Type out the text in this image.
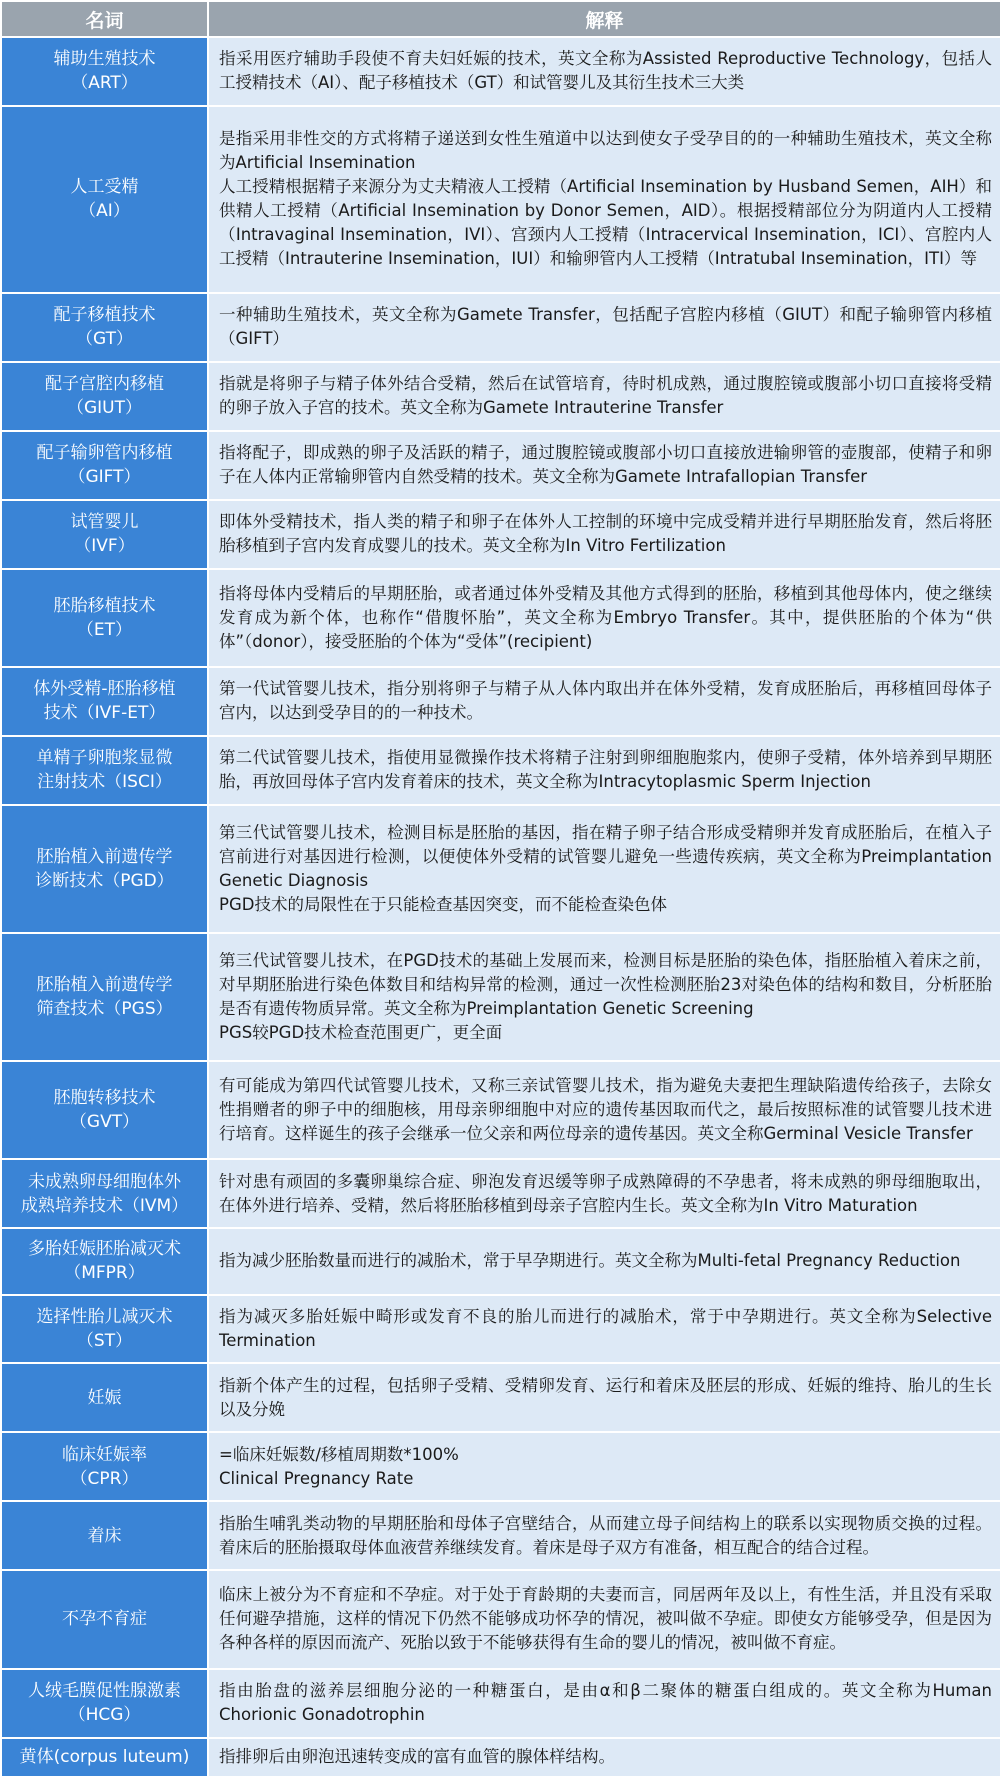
名词	解释

辅助生殖技术
（ART）	指采用医疗辅助手段使不育夫妇妊娠的技术，英文全称为Assisted Reproductive Technology，包括人工授精技术（AI）、配子移植技术（GT）和试管婴儿及其衍生技术三大类

人工受精
（AI）	是指采用非性交的方式将精子递送到女性生殖道中以达到使女子受孕目的的一种辅助生殖技术，英文全称为Artificial Insemination
人工授精根据精子来源分为丈夫精液人工授精（Artificial Insemination by Husband Semen，AIH）和供精人工授精（Artificial Insemination by Donor Semen，AID）。根据授精部位分为阴道内人工授精（Intravaginal Insemination，IVI）、宫颈内人工授精（Intracervical Insemination，ICI）、宫腔内人工授精（Intrauterine Insemination，IUI）和输卵管内人工授精（Intratubal Insemination，ITI）等

配子移植技术
（GT）	一种辅助生殖技术，英文全称为Gamete Transfer，包括配子宫腔内移植（GIUT）和配子输卵管内移植（GIFT）

配子宫腔内移植
（GIUT）	指就是将卵子与精子体外结合受精，然后在试管培育，待时机成熟，通过腹腔镜或腹部小切口直接将受精的卵子放入子宫的技术。英文全称为Gamete Intrauterine Transfer

配子输卵管内移植
（GIFT）	指将配子，即成熟的卵子及活跃的精子，通过腹腔镜或腹部小切口直接放进输卵管的壶腹部，使精子和卵子在人体内正常输卵管内自然受精的技术。英文全称为Gamete Intrafallopian Transfer

试管婴儿
（IVF）	即体外受精技术，指人类的精子和卵子在体外人工控制的环境中完成受精并进行早期胚胎发育，然后将胚胎移植到子宫内发育成婴儿的技术。英文全称为In Vitro Fertilization

胚胎移植技术
（ET）	指将母体内受精后的早期胚胎，或者通过体外受精及其他方式得到的胚胎，移植到其他母体内，使之继续发育成为新个体，也称作“借腹怀胎”，英文全称为Embryo Transfer。其中，提供胚胎的个体为“供体”（donor），接受胚胎的个体为“受体”(recipient)

体外受精-胚胎移植
技术（IVF-ET）	第一代试管婴儿技术，指分别将卵子与精子从人体内取出并在体外受精，发育成胚胎后，再移植回母体子宫内，以达到受孕目的的一种技术。

单精子卵胞浆显微
注射技术（ISCI）	第二代试管婴儿技术，指使用显微操作技术将精子注射到卵细胞胞浆内，使卵子受精，体外培养到早期胚胎，再放回母体子宫内发育着床的技术，英文全称为Intracytoplasmic Sperm Injection

胚胎植入前遗传学
诊断技术（PGD）	第三代试管婴儿技术，检测目标是胚胎的基因，指在精子卵子结合形成受精卵并发育成胚胎后，在植入子宫前进行对基因进行检测，以便使体外受精的试管婴儿避免一些遗传疾病，英文全称为Preimplantation Genetic Diagnosis
PGD技术的局限性在于只能检查基因突变，而不能检查染色体

胚胎植入前遗传学
筛查技术（PGS）	第三代试管婴儿技术，在PGD技术的基础上发展而来，检测目标是胚胎的染色体，指胚胎植入着床之前，对早期胚胎进行染色体数目和结构异常的检测，通过一次性检测胚胎23对染色体的结构和数目，分析胚胎是否有遗传物质异常。英文全称为Preimplantation Genetic Screening
PGS较PGD技术检查范围更广，更全面

胚胞转移技术
（GVT）	有可能成为第四代试管婴儿技术，又称三亲试管婴儿技术，指为避免夫妻把生理缺陷遗传给孩子，去除女性捐赠者的卵子中的细胞核，用母亲卵细胞中对应的遗传基因取而代之，最后按照标准的试管婴儿技术进行培育。这样诞生的孩子会继承一位父亲和两位母亲的遗传基因。英文全称Germinal Vesicle Transfer

未成熟卵母细胞体外
成熟培养技术（IVM）	针对患有顽固的多囊卵巢综合症、卵泡发育迟缓等卵子成熟障碍的不孕患者，将未成熟的卵母细胞取出，在体外进行培养、受精，然后将胚胎移植到母亲子宫腔内生长。英文全称为In Vitro Maturation

多胎妊娠胚胎减灭术
（MFPR）	指为减少胚胎数量而进行的减胎术，常于早孕期进行。英文全称为Multi-fetal Pregnancy Reduction

选择性胎儿减灭术
（ST）	指为减灭多胎妊娠中畸形或发育不良的胎儿而进行的减胎术，常于中孕期进行。英文全称为Selective Termination

妊娠	指新个体产生的过程，包括卵子受精、受精卵发育、运行和着床及胚层的形成、妊娠的维持、胎儿的生长以及分娩

临床妊娠率
（CPR）	=临床妊娠数/移植周期数*100%
Clinical Pregnancy Rate

着床	指胎生哺乳类动物的早期胚胎和母体子宫壁结合，从而建立母子间结构上的联系以实现物质交换的过程。着床后的胚胎摄取母体血液营养继续发育。着床是母子双方有准备，相互配合的结合过程。

不孕不育症	临床上被分为不育症和不孕症。对于处于育龄期的夫妻而言，同居两年及以上，有性生活，并且没有采取任何避孕措施，这样的情况下仍然不能够成功怀孕的情况，被叫做不孕症。即使女方能够受孕，但是因为各种各样的原因而流产、死胎以致于不能够获得有生命的婴儿的情况，被叫做不育症。

人绒毛膜促性腺激素
（HCG）	指由胎盘的滋养层细胞分泌的一种糖蛋白，是由α和β二聚体的糖蛋白组成的。英文全称为Human Chorionic Gonadotrophin

黄体(corpus luteum)	指排卵后由卵泡迅速转变成的富有血管的腺体样结构。
